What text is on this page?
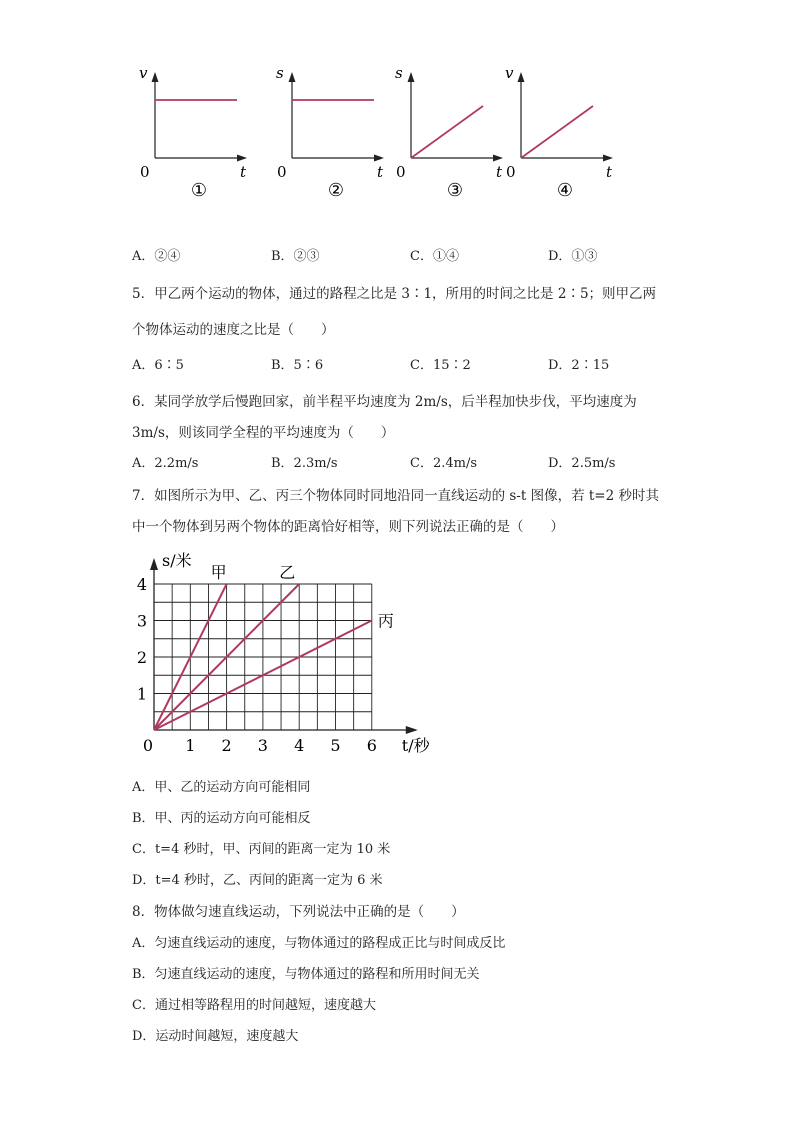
v
t
0
①
s
t
0
②
s
t
0
③
v
t
0
④
A．②④	B．②③	C．①④	D．①③
5．甲乙两个运动的物体，通过的路程之比是 3∶1，所用的时间之比是 2∶5；则甲乙两
个物体运动的速度之比是（　　）
A．6∶5	B．5∶6	C．15∶2	D．2∶15
6．某同学放学后慢跑回家，前半程平均速度为 2m/s，后半程加快步伐，平均速度为
3m/s，则该同学全程的平均速度为（　　）
A．2.2m/s	B．2.3m/s	C．2.4m/s	D．2.5m/s
7．如图所示为甲、乙、丙三个物体同时同地沿同一直线运动的 s-t 图像，若 t=2 秒时其
中一个物体到另两个物体的距离恰好相等，则下列说法正确的是（　　）
s/米
t/秒
0 1 2 3 4 5 6
1
2
3
4
甲	乙
丙
A．甲、乙的运动方向可能相同
B．甲、丙的运动方向可能相反
C．t=4 秒时，甲、丙间的距离一定为 10 米
D．t=4 秒时，乙、丙间的距离一定为 6 米
8．物体做匀速直线运动，下列说法中正确的是（　　）
A．匀速直线运动的速度，与物体通过的路程成正比与时间成反比
B．匀速直线运动的速度，与物体通过的路程和所用时间无关
C．通过相等路程用的时间越短，速度越大
D．运动时间越短，速度越大
